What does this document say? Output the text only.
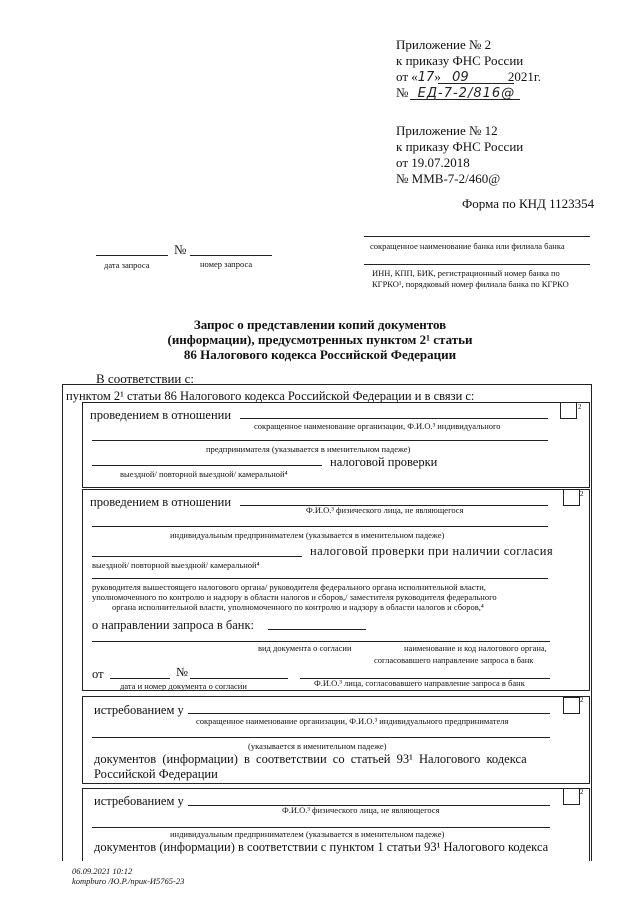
Приложение № 2
к приказу ФНС России
от «17» 09	2021г.
№ ЕД-7-2/816@
Приложение № 12
к приказу ФНС России
от 19.07.2018
№ ММВ-7-2/460@
Форма по КНД 1123354
№
дата запроса	номер запроса
сокращенное наименование банка или филиала банка
ИНН, КПП, БИК, регистрационный номер банка по
КГРКО¹, порядковый номер филиала банка по КГРКО
Запрос о представлении копий документов
(информации), предусмотренных пунктом 2¹ статьи
86 Налогового кодекса Российской Федерации
В соответствии с:
пунктом 2¹ статьи 86 Налогового кодекса Российской Федерации и в связи с:
проведением в отношении
сокращенное наименование организации, Ф.И.О.³ индивидуального
2
предпринимателя (указывается в именительном падеже)
налоговой проверки
выездной/ повторной выездной/ камеральной⁴
проведением в отношении
Ф.И.О.³ физического лица, не являющегося
2
индивидуальным предпринимателем (указывается в именительном падеже)
налоговой проверки при наличии согласия
выездной/ повторной выездной/ камеральной⁴
руководителя вышестоящего налогового органа/ руководителя федерального органа исполнительной власти,
уполномоченного по контролю и надзору в области налогов и сборов,/ заместителя руководителя федерального
органа исполнительной власти, уполномоченного по контролю и надзору в области налогов и сборов,⁴
о направлении запроса в банк:
вид документа о согласии	наименование и код налогового органа,
согласовавшего направление запроса в банк
от	№
дата и номер документа о согласии	Ф.И.О.³ лица, согласовавшего направление запроса в банк
истребованием у
сокращенное наименование организации, Ф.И.О.³ индивидуального предпринимателя
2
(указывается в именительном падеже)
документов (информации) в соответствии со статьей 93¹ Налогового кодекса
Российской Федерации
истребованием у
Ф.И.О.³ физического лица, не являющегося
2
индивидуальным предпринимателем (указывается в именительном падеже)
документов (информации) в соответствии с пунктом 1 статьи 93¹ Налогового кодекса
06.09.2021 10:12
kompburo /Ю.Р./прик-И5765-23
